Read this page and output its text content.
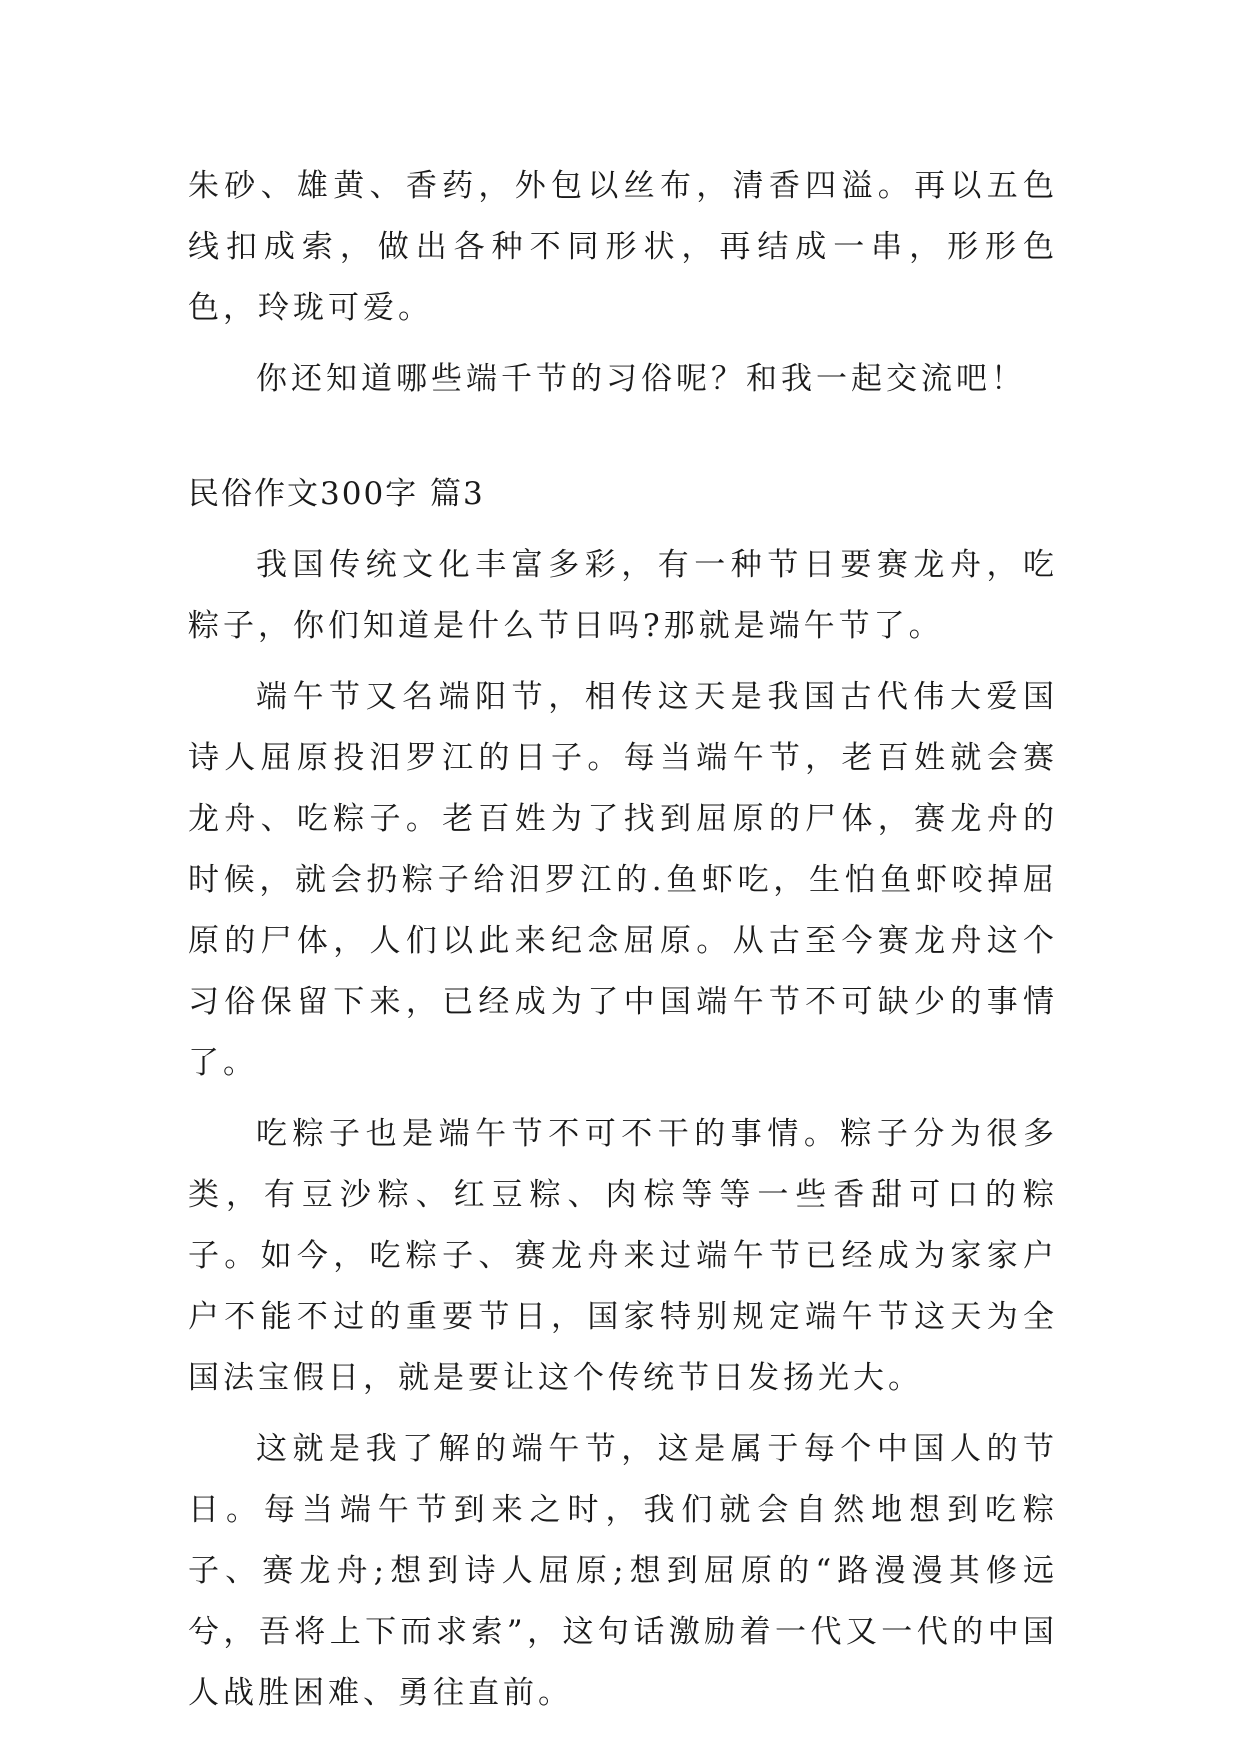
朱砂、雄黄、香药，外包以丝布，清香四溢。再以五色线扣成索，做出各种不同形状，再结成一串，形形色色，玲珑可爱。

你还知道哪些端千节的习俗呢？和我一起交流吧！

民俗作文300字 篇3

我国传统文化丰富多彩，有一种节日要赛龙舟，吃粽子，你们知道是什么节日吗?那就是端午节了。

端午节又名端阳节，相传这天是我国古代伟大爱国诗人屈原投汨罗江的日子。每当端午节，老百姓就会赛龙舟、吃粽子。老百姓为了找到屈原的尸体，赛龙舟的时候，就会扔粽子给汨罗江的.鱼虾吃，生怕鱼虾咬掉屈原的尸体，人们以此来纪念屈原。从古至今赛龙舟这个习俗保留下来，已经成为了中国端午节不可缺少的事情了。

吃粽子也是端午节不可不干的事情。粽子分为很多类，有豆沙粽、红豆粽、肉棕等等一些香甜可口的粽子。如今，吃粽子、赛龙舟来过端午节已经成为家家户户不能不过的重要节日，国家特别规定端午节这天为全国法宝假日，就是要让这个传统节日发扬光大。

这就是我了解的端午节，这是属于每个中国人的节日。每当端午节到来之时，我们就会自然地想到吃粽子、赛龙舟;想到诗人屈原;想到屈原的“路漫漫其修远兮，吾将上下而求索”，这句话激励着一代又一代的中国人战胜困难、勇往直前。
